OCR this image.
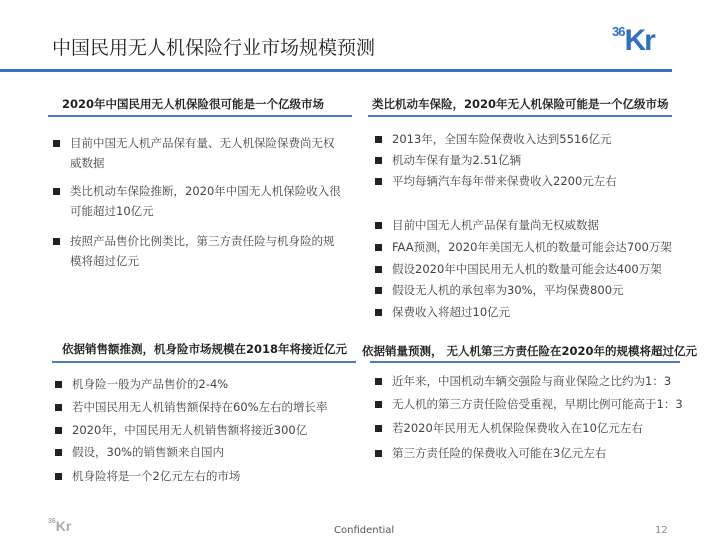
中国民用无人机保险行业市场规模预测
$^{36}$Kr
2020年中国民用无人机保险很可能是一个亿级市场
目前中国无人机产品保有量、无人机保险保费尚无权
威数据
类比机动车保险推断，2020年中国无人机保险收入很
可能超过10亿元
按照产品售价比例类比，第三方责任险与机身险的规
模将超过亿元
类比机动车保险，2020年无人机保险可能是一个亿级市场
2013年，全国车险保费收入达到5516亿元
机动车保有量为2.51亿辆
平均每辆汽车每年带来保费收入2200元左右
目前中国无人机产品保有量尚无权威数据
FAA预测，2020年美国无人机的数量可能会达700万架
假设2020年中国民用无人机的数量可能会达400万架
假设无人机的承包率为30%，平均保费800元
保费收入将超过10亿元
依据销售额推测，机身险市场规模在2018年将接近亿元
机身险一般为产品售价的2-4%
若中国民用无人机销售额保持在60%左右的增长率
2020年，中国民用无人机销售额将接近300亿
假设，30%的销售额来自国内
机身险将是一个2亿元左右的市场
依据销量预测， 无人机第三方责任险在2020年的规模将超过亿元
近年来，中国机动车辆交强险与商业保险之比约为1：3
无人机的第三方责任险倍受重视，早期比例可能高于1：3
若2020年民用无人机保险保费收入在10亿元左右
第三方责任险的保费收入可能在3亿元左右
$^{36}$Kr	Confidential	12
